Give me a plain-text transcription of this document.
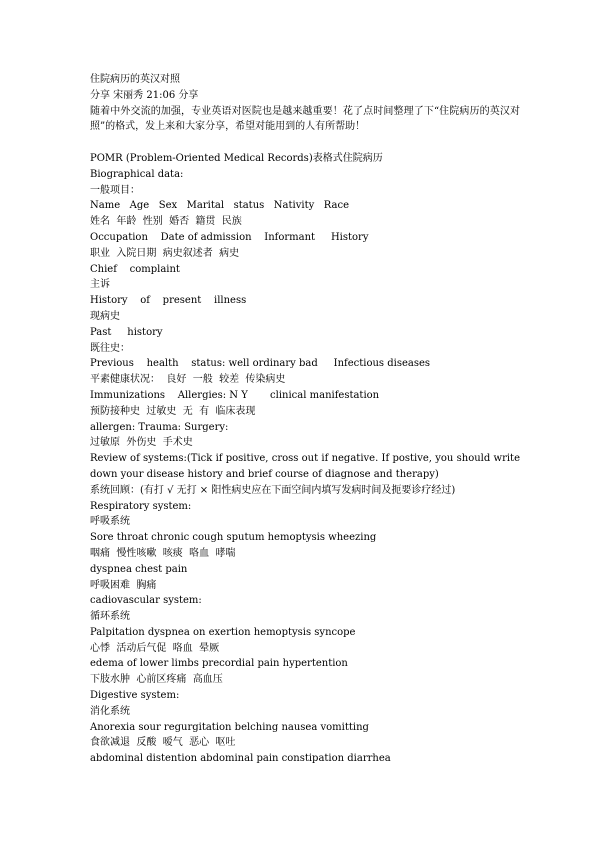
住院病历的英汉对照
分享 宋丽秀 21:06 分享
随着中外交流的加强，专业英语对医院也是越来越重要！花了点时间整理了下“住院病历的英汉对照”的格式，发上来和大家分享，希望对能用到的人有所帮助！
POMR (Problem-Oriented Medical Records)表格式住院病历
Biographical data:
一般项目：
Name   Age   Sex   Marital   status   Nativity   Race
姓名  年龄  性别  婚否  籍贯  民族
Occupation    Date of admission    Informant     History
职业  入院日期  病史叙述者  病史
Chief    complaint
主诉
History    of    present    illness
现病史
Past     history
既往史：
Previous    health    status: well ordinary bad     Infectious diseases
平素健康状况：  良好  一般  较差  传染病史
Immunizations    Allergies: N Y       clinical manifestation
预防接种史  过敏史  无  有  临床表现
allergen: Trauma: Surgery:
过敏原  外伤史  手术史
Review of systems:(Tick if positive, cross out if negative. If postive, you should write down your disease history and brief course of diagnose and therapy)
系统回顾：(有打 √ 无打 × 阳性病史应在下面空间内填写发病时间及扼要诊疗经过)
Respiratory system:
呼吸系统
Sore throat chronic cough sputum hemoptysis wheezing
咽痛  慢性咳嗽  咳痰  咯血  哮喘
dyspnea chest pain
呼吸困难  胸痛
cadiovascular system:
循环系统
Palpitation dyspnea on exertion hemoptysis syncope
心悸  活动后气促  咯血  晕厥
edema of lower limbs precordial pain hypertention
下肢水肿  心前区疼痛  高血压
Digestive system:
消化系统
Anorexia sour regurgitation belching nausea vomitting
食欲减退  反酸  嗳气  恶心  呕吐
abdominal distention abdominal pain constipation diarrhea
